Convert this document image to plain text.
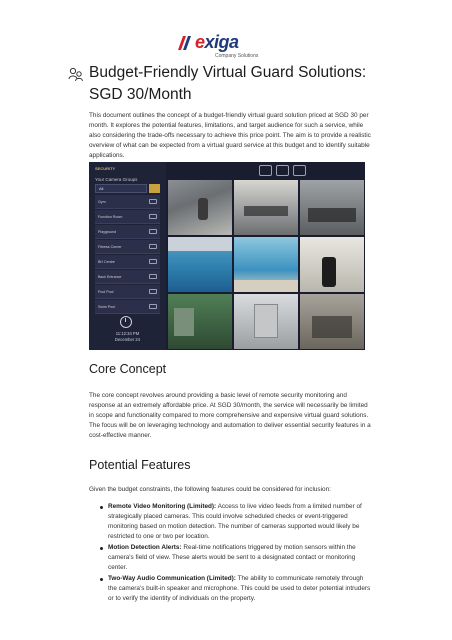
exiga
Company Solutions
Budget-Friendly Virtual Guard Solutions: SGD 30/Month

This document outlines the concept of a budget-friendly virtual guard solution priced at SGD 30 per month. It explores the potential features, limitations, and target audience for such a service, while also considering the trade-offs necessary to achieve this price point. The aim is to provide a realistic overview of what can be expected from a virtual guard service at this budget and to identify suitable applications.

SECURITY
Your Camera Groups
All
Gym
Function Room
Playground
Fitness Corner
BH Centre
Back Entrance
Pool Pool
Swim Pool
11:12:34 PM
December 24
Core Concept

The core concept revolves around providing a basic level of remote security monitoring and response at an extremely affordable price. At SGD 30/month, the service will necessarily be limited in scope and functionality compared to more comprehensive and expensive virtual guard solutions. The focus will be on leveraging technology and automation to deliver essential security features in a cost-effective manner.

Potential Features

Given the budget constraints, the following features could be considered for inclusion:

Remote Video Monitoring (Limited): Access to live video feeds from a limited number of strategically placed cameras. This could involve scheduled checks or event-triggered monitoring based on motion detection. The number of cameras supported would likely be restricted to one or two per location.
Motion Detection Alerts: Real-time notifications triggered by motion sensors within the camera's field of view. These alerts would be sent to a designated contact or monitoring center.
Two-Way Audio Communication (Limited): The ability to communicate remotely through the camera's built-in speaker and microphone. This could be used to deter potential intruders or to verify the identity of individuals on the property.
